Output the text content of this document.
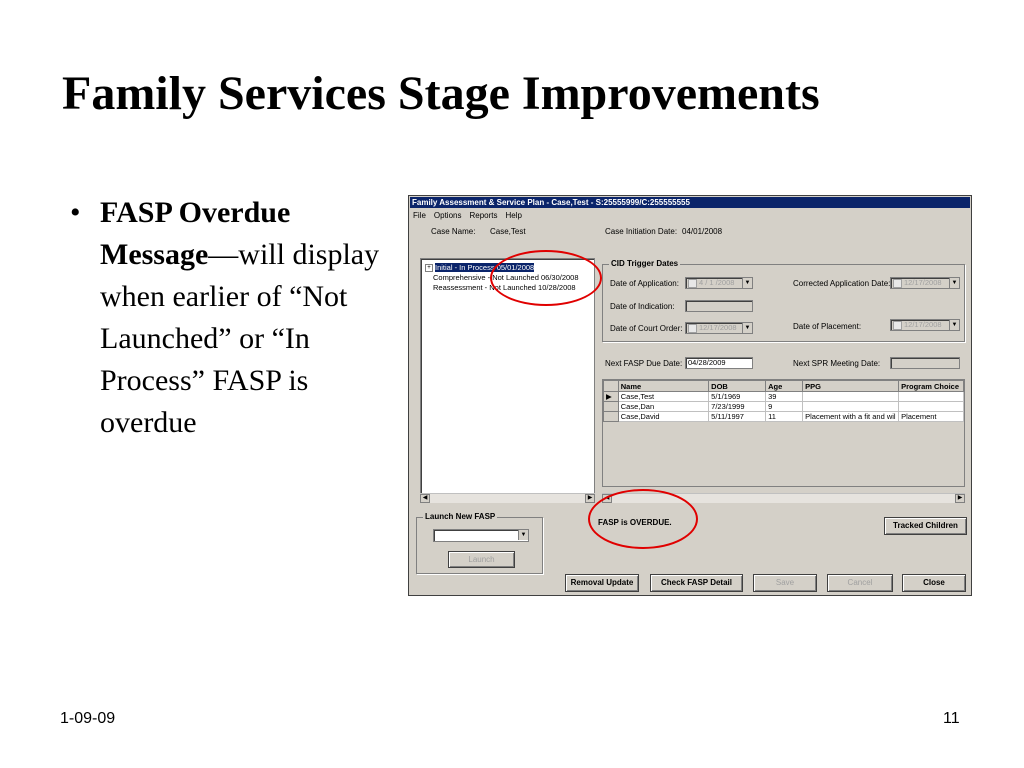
Family Services Stage Improvements
• FASP Overdue Message—will display when earlier of “Not Launched” or “In Process” FASP is overdue
Family Assessment & Service Plan - Case,Test - S:25555999/C:255555555
File Options Reports Help
Case Name: Case,Test	Case Initiation Date: 04/01/2008
+ Initial - In Process 05/01/2008
Comprehensive - Not Launched 06/30/2008
Reassessment - Not Launched 10/28/2008
◀	▶
CID Trigger Dates
Date of Application:	4 / 1 /2008	▼	Corrected Application Date:	12/17/2008	▼
Date of Indication:
Date of Court Order:	12/17/2008	▼	Date of Placement:	12/17/2008	▼
Next FASP Due Date: 04/28/2009	Next SPR Meeting Date:
	Name	DOB	Age	PPG	Program Choice
▶	Case,Test	5/1/1969	39		
	Case,Dan	7/23/1999	9		
	Case,David	5/11/1997	11	Placement with a fit and wil	Placement
◀	▶
Launch New FASP
▼
Launch
FASP is OVERDUE.	Tracked Children
Removal Update	Check FASP Detail	Save	Cancel	Close
1-09-09	11
